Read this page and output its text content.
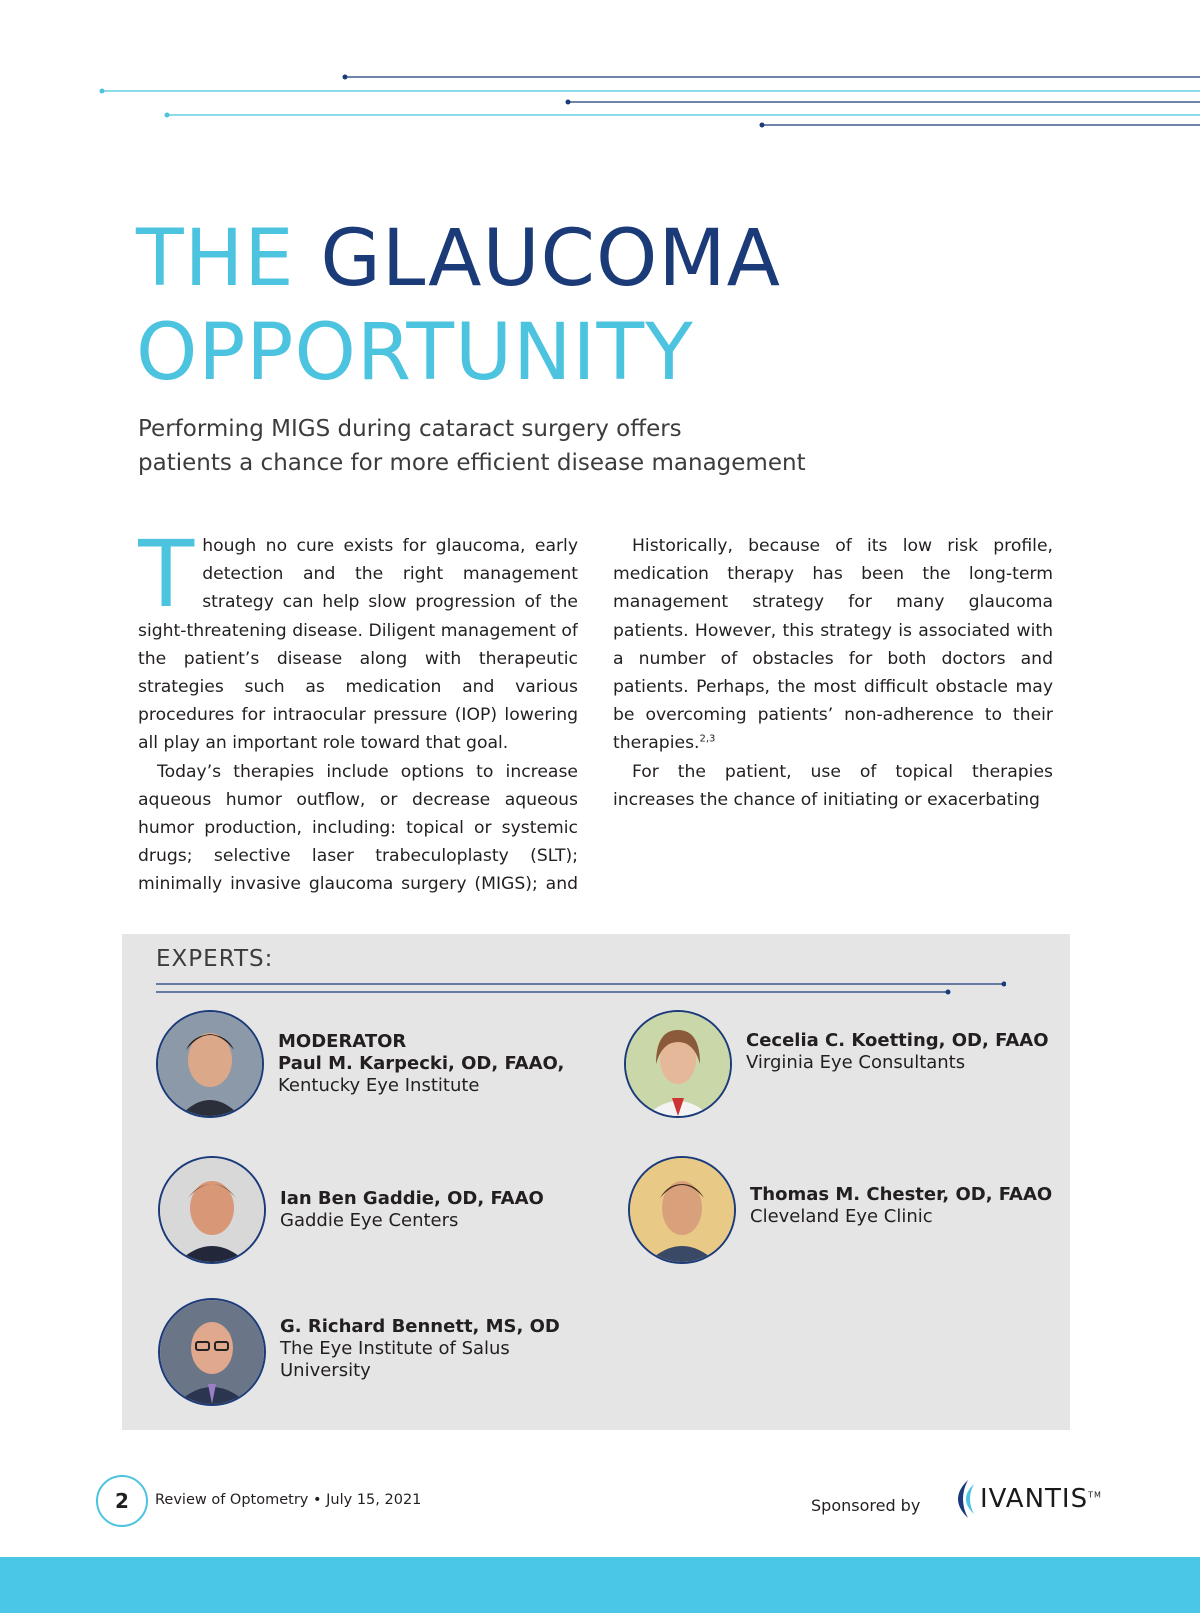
THE GLAUCOMA
OPPORTUNITY
Performing MIGS during cataract surgery offers
patients a chance for more efficient disease management

Though no cure exists for glaucoma, early detection and the right management strategy can help slow progression of the sight-threatening disease. Diligent management of the patient’s disease along with therapeutic strategies such as medication and various procedures for intraocular pressure (IOP) lowering all play an important role toward that goal.

Today’s therapies include options to increase aqueous humor outflow, or decrease aqueous humor production, including: topical or systemic drugs; selective laser trabeculoplasty (SLT); minimally invasive glaucoma surgery (MIGS); and

Historically, because of its low risk profile, medication therapy has been the long-term management strategy for many glaucoma patients. However, this strategy is associated with a number of obstacles for both doctors and patients. Perhaps, the most difficult obstacle may be overcoming patients’ non-adherence to their therapies.$^{2,3}$

For the patient, use of topical therapies increases the chance of initiating or exacerbating

EXPERTS:
MODERATOR
Paul M. Karpecki, OD, FAAO,
Kentucky Eye Institute
Cecelia C. Koetting, OD, FAAO
Virginia Eye Consultants
Ian Ben Gaddie, OD, FAAO
Gaddie Eye Centers
Thomas M. Chester, OD, FAAO
Cleveland Eye Clinic
G. Richard Bennett, MS, OD
The Eye Institute of Salus University
2	Review of Optometry • July 15, 2021	Sponsored by IVANTIS™
